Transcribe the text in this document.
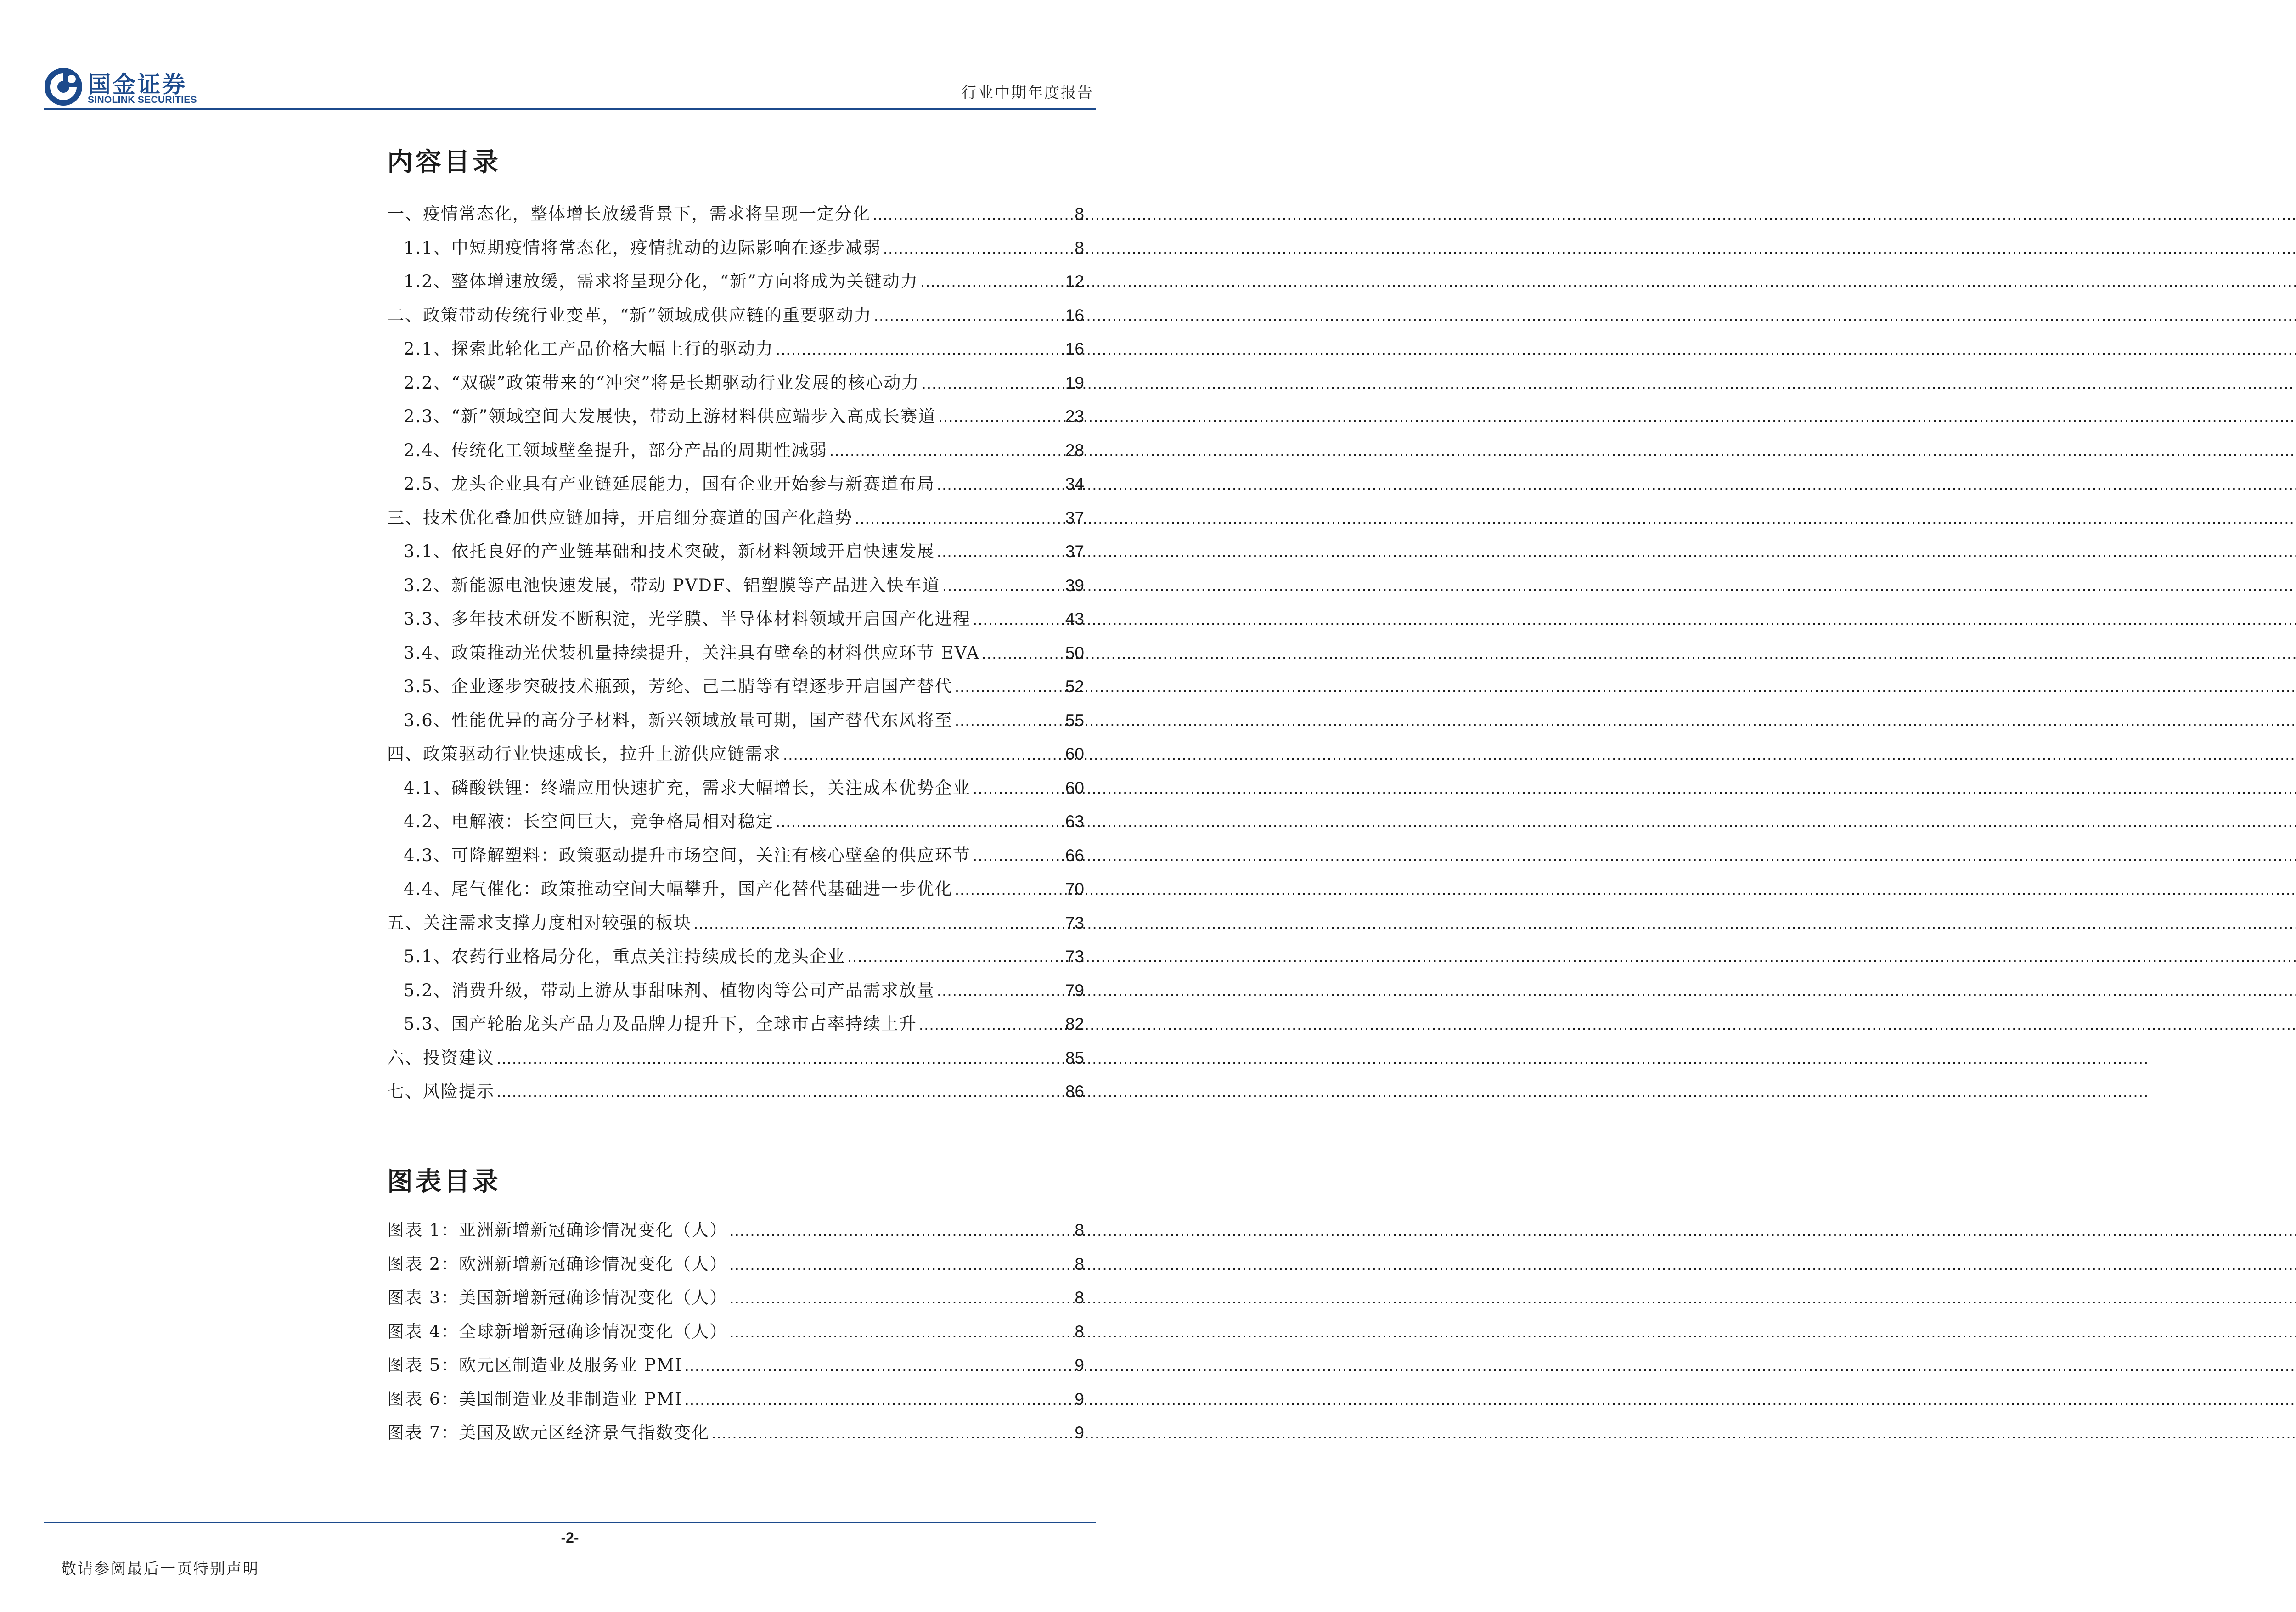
国金证券
SINOLINK SECURITIES	行业中期年度报告
内容目录
一、疫情常态化，整体增长放缓背景下，需求将呈现一定分化 .....	8
1.1、中短期疫情将常态化，疫情扰动的边际影响在逐步减弱 .....	8
1.2、整体增速放缓，需求将呈现分化，“新”方向将成为关键动力 .....	12
二、政策带动传统行业变革，“新”领域成供应链的重要驱动力 .....	16
2.1、探索此轮化工产品价格大幅上行的驱动力 .....	16
2.2、“双碳”政策带来的“冲突”将是长期驱动行业发展的核心动力 .....	19
2.3、“新”领域空间大发展快，带动上游材料供应端步入高成长赛道 .....	23
2.4、传统化工领域壁垒提升，部分产品的周期性减弱 .....	28
2.5、龙头企业具有产业链延展能力，国有企业开始参与新赛道布局 .....	34
三、技术优化叠加供应链加持，开启细分赛道的国产化趋势 .....	37
3.1、依托良好的产业链基础和技术突破，新材料领域开启快速发展 .....	37
3.2、新能源电池快速发展，带动 PVDF、铝塑膜等产品进入快车道 .....	39
3.3、多年技术研发不断积淀，光学膜、半导体材料领域开启国产化进程 .....	43
3.4、政策推动光伏装机量持续提升，关注具有壁垒的材料供应环节 EVA .....	50
3.5、企业逐步突破技术瓶颈，芳纶、己二腈等有望逐步开启国产替代 .....	52
3.6、性能优异的高分子材料，新兴领域放量可期，国产替代东风将至 .....	55
四、政策驱动行业快速成长，拉升上游供应链需求 .....	60
4.1、磷酸铁锂：终端应用快速扩充，需求大幅增长，关注成本优势企业 .....	60
4.2、电解液：长空间巨大，竞争格局相对稳定 .....	63
4.3、可降解塑料：政策驱动提升市场空间，关注有核心壁垒的供应环节 .....	66
4.4、尾气催化：政策推动空间大幅攀升，国产化替代基础进一步优化 .....	70
五、关注需求支撑力度相对较强的板块 .....	73
5.1、农药行业格局分化，重点关注持续成长的龙头企业 .....	73
5.2、消费升级，带动上游从事甜味剂、植物肉等公司产品需求放量 .....	79
5.3、国产轮胎龙头产品力及品牌力提升下，全球市占率持续上升 .....	82
六、投资建议 .....	85
七、风险提示 .....	86
图表目录
图表 1：亚洲新增新冠确诊情况变化（人） .....	8
图表 2：欧洲新增新冠确诊情况变化（人） .....	8
图表 3：美国新增新冠确诊情况变化（人） .....	8
图表 4：全球新增新冠确诊情况变化（人） .....	8
图表 5：欧元区制造业及服务业 PMI .....	9
图表 6：美国制造业及非制造业 PMI .....	9
图表 7：美国及欧元区经济景气指数变化 .....	9
-2-
敬请参阅最后一页特别声明
